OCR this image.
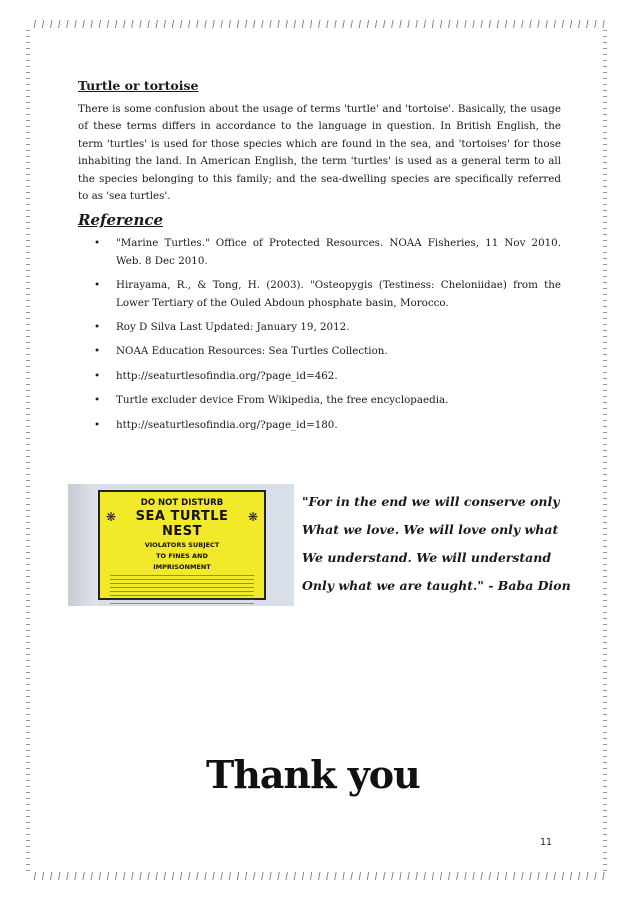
Turtle or tortoise

There is some confusion about the usage of terms 'turtle' and 'tortoise'. Basically, the usage of these terms differs in accordance to the language in question. In British English, the term 'turtles' is used for those species which are found in the sea, and 'tortoises' for those inhabiting the land. In American English, the term 'turtles' is used as a general term to all the species belonging to this family; and the sea-dwelling species are specifically referred to as 'sea turtles'.

Reference
• "Marine Turtles." Office of Protected Resources. NOAA Fisheries, 11 Nov 2010. Web. 8 Dec 2010.
• Hirayama, R., & Tong, H. (2003). "Osteopygis (Testiness: Cheloniidae) from the Lower Tertiary of the Ouled Abdoun phosphate basin, Morocco.
• Roy D Silva Last Updated: January 19, 2012.
• NOAA Education Resources: Sea Turtles Collection.
• http://seaturtlesofindia.org/?page_id=462.
• Turtle excluder device From Wikipedia, the free encyclopaedia.
• http://seaturtlesofindia.org/?page_id=180.
❋	❋
DO NOT DISTURB
SEA TURTLE
NEST
VIOLATORS SUBJECT
TO FINES AND
IMPRISONMENT
"For in the end we will conserve only
What we love. We will love only what
We understand. We will understand
Only what we are taught." - Baba Dion
Thank you
11
